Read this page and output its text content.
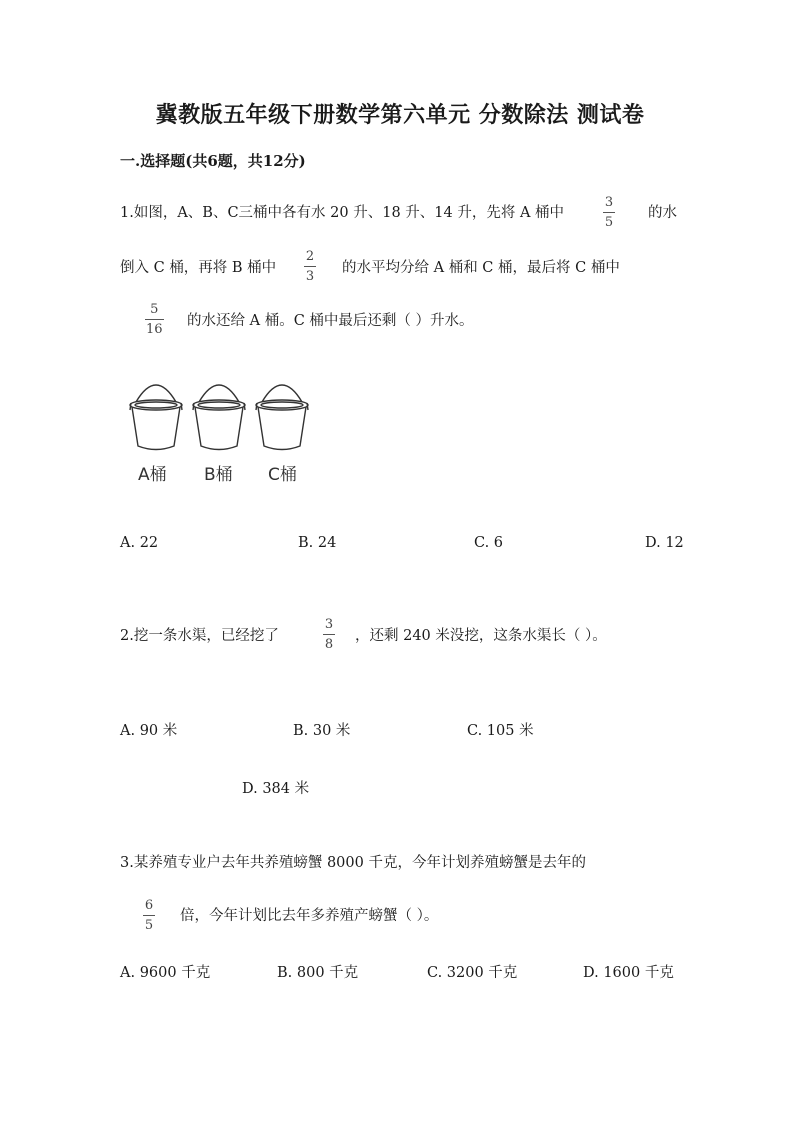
冀教版五年级下册数学第六单元 分数除法 测试卷
一.选择题(共6题，共12分)
1.如图，A、B、C三桶中各有水 20 升、18 升、14 升，先将 A 桶中
3
5
的水
倒入 C 桶，再将 B 桶中
2
3
的水平均分给 A 桶和 C 桶，最后将 C 桶中
5
16
的水还给 A 桶。C 桶中最后还剩（ ）升水。
A桶 B桶 C桶
A. 22	B. 24	C. 6	D. 12
2.挖一条水渠，已经挖了
3
8
，还剩 240 米没挖，这条水渠长（ ）。
A. 90 米	B. 30 米	C. 105 米
D. 384 米
3.某养殖专业户去年共养殖螃蟹 8000 千克，今年计划养殖螃蟹是去年的
6
5
倍，今年计划比去年多养殖产螃蟹（ ）。
A. 9600 千克	B. 800 千克	C. 3200 千克	D. 1600 千克
